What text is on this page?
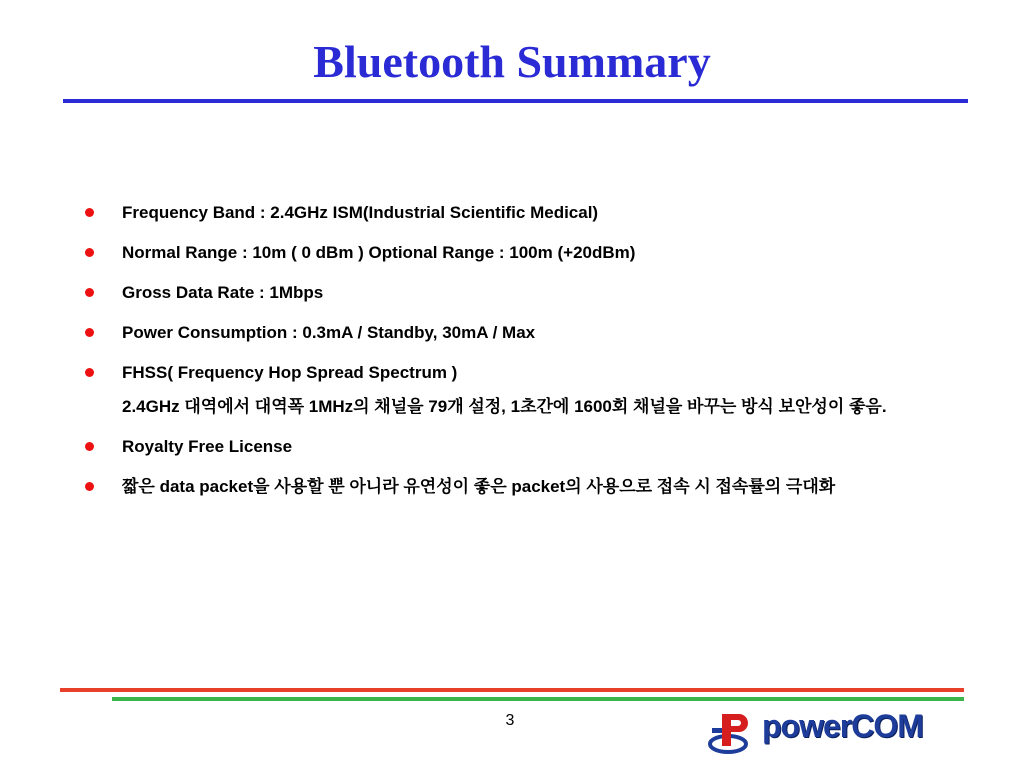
Bluetooth Summary
Frequency Band : 2.4GHz ISM(Industrial Scientific Medical)
Normal Range : 10m ( 0 dBm ) Optional Range : 100m (+20dBm)
Gross Data Rate : 1Mbps
Power Consumption : 0.3mA / Standby, 30mA / Max
FHSS( Frequency Hop Spread Spectrum )
2.4GHz 대역에서 대역폭 1MHz의 채널을 79개 설정, 1초간에 1600회 채널을 바꾸는 방식 보안성이 좋음.
Royalty Free License
짧은 data packet을 사용할 뿐 아니라 유연성이 좋은 packet의 사용으로 접속 시 접속률의 극대화
3	powerCOM
